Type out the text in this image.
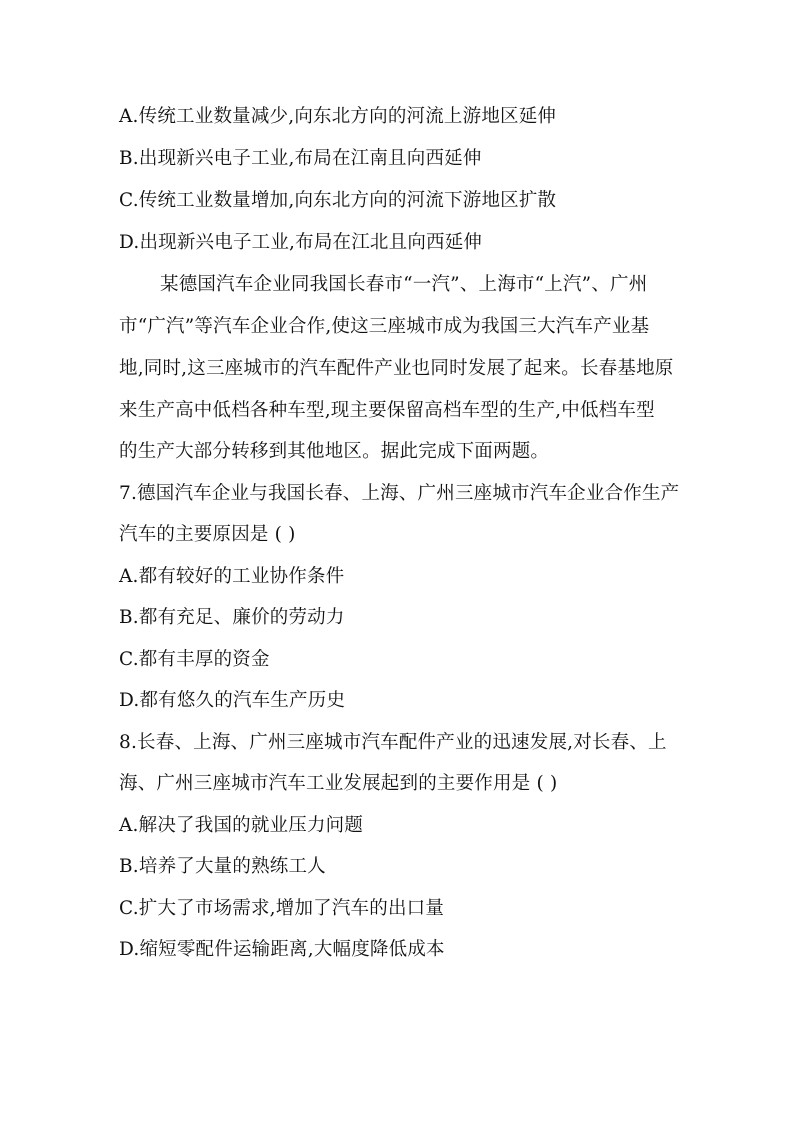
A.传统工业数量减少,向东北方向的河流上游地区延伸
B.出现新兴电子工业,布局在江南且向西延伸
C.传统工业数量增加,向东北方向的河流下游地区扩散
D.出现新兴电子工业,布局在江北且向西延伸
某德国汽车企业同我国长春市“一汽”、上海市“上汽”、广州
市“广汽”等汽车企业合作,使这三座城市成为我国三大汽车产业基
地,同时,这三座城市的汽车配件产业也同时发展了起来。长春基地原
来生产高中低档各种车型,现主要保留高档车型的生产,中低档车型
的生产大部分转移到其他地区。据此完成下面两题。
7.德国汽车企业与我国长春、上海、广州三座城市汽车企业合作生产
汽车的主要原因是 ( )
A.都有较好的工业协作条件
B.都有充足、廉价的劳动力
C.都有丰厚的资金
D.都有悠久的汽车生产历史
8.长春、上海、广州三座城市汽车配件产业的迅速发展,对长春、上
海、广州三座城市汽车工业发展起到的主要作用是 ( )
A.解决了我国的就业压力问题
B.培养了大量的熟练工人
C.扩大了市场需求,增加了汽车的出口量
D.缩短零配件运输距离,大幅度降低成本
